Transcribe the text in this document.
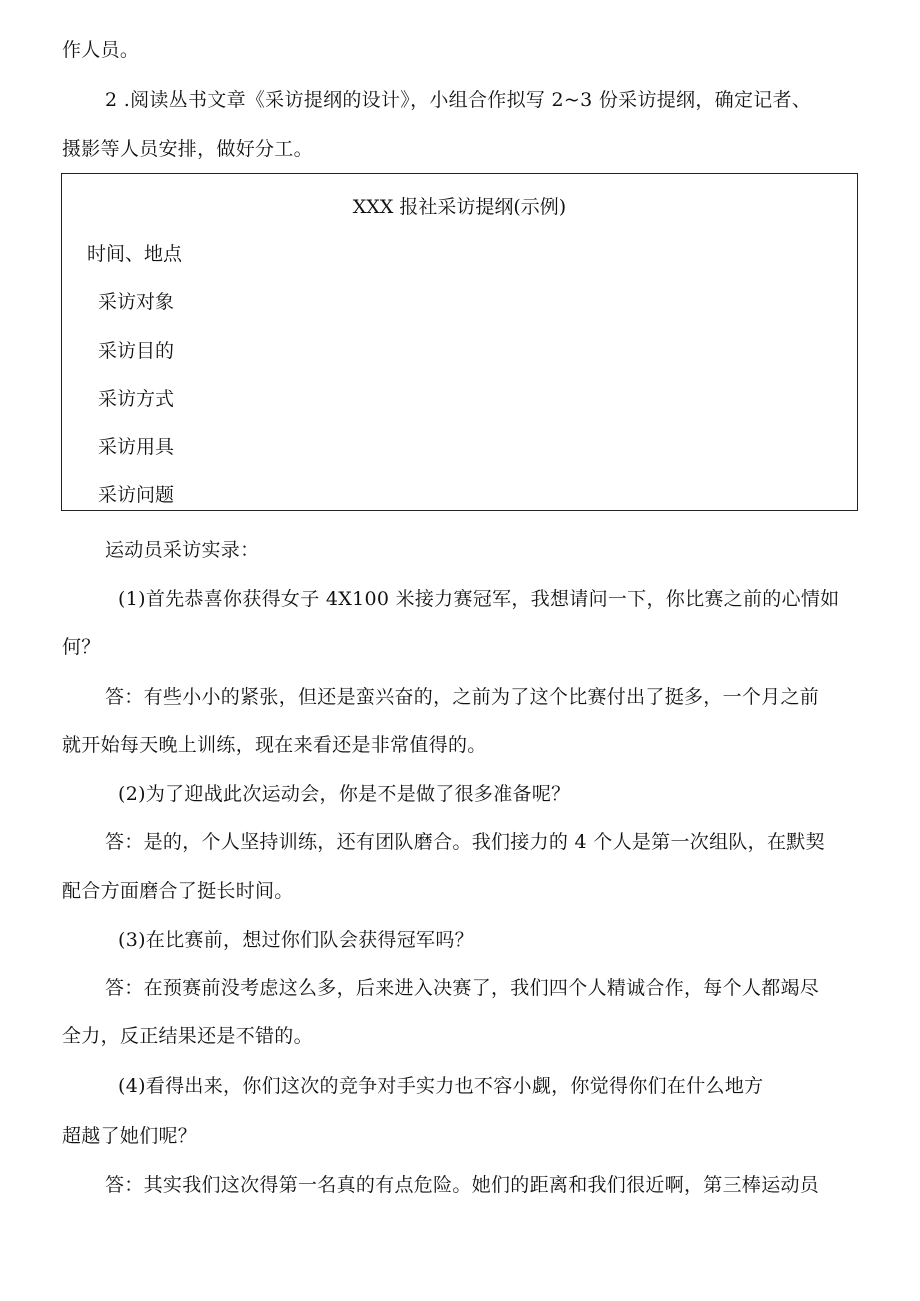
作人员。
2 .阅读丛书文章《采访提纲的设计》，小组合作拟写 2~3 份采访提纲，确定记者、
摄影等人员安排，做好分工。
XXX 报社采访提纲(示例)
时间、地点
采访对象
采访目的
采访方式
采访用具
采访问题
运动员采访实录：
(1)首先恭喜你获得女子 4X100 米接力赛冠军，我想请问一下，你比赛之前的心情如
何？
答：有些小小的紧张，但还是蛮兴奋的，之前为了这个比赛付出了挺多，一个月之前
就开始每天晚上训练，现在来看还是非常值得的。
(2)为了迎战此次运动会，你是不是做了很多准备呢？
答：是的，个人坚持训练，还有团队磨合。我们接力的 4 个人是第一次组队，在默契
配合方面磨合了挺长时间。
(3)在比赛前，想过你们队会获得冠军吗？
答：在预赛前没考虑这么多，后来进入决赛了，我们四个人精诚合作，每个人都竭尽
全力，反正结果还是不错的。
(4)看得出来，你们这次的竞争对手实力也不容小觑，你觉得你们在什么地方
超越了她们呢？
答：其实我们这次得第一名真的有点危险。她们的距离和我们很近啊，第三棒运动员
